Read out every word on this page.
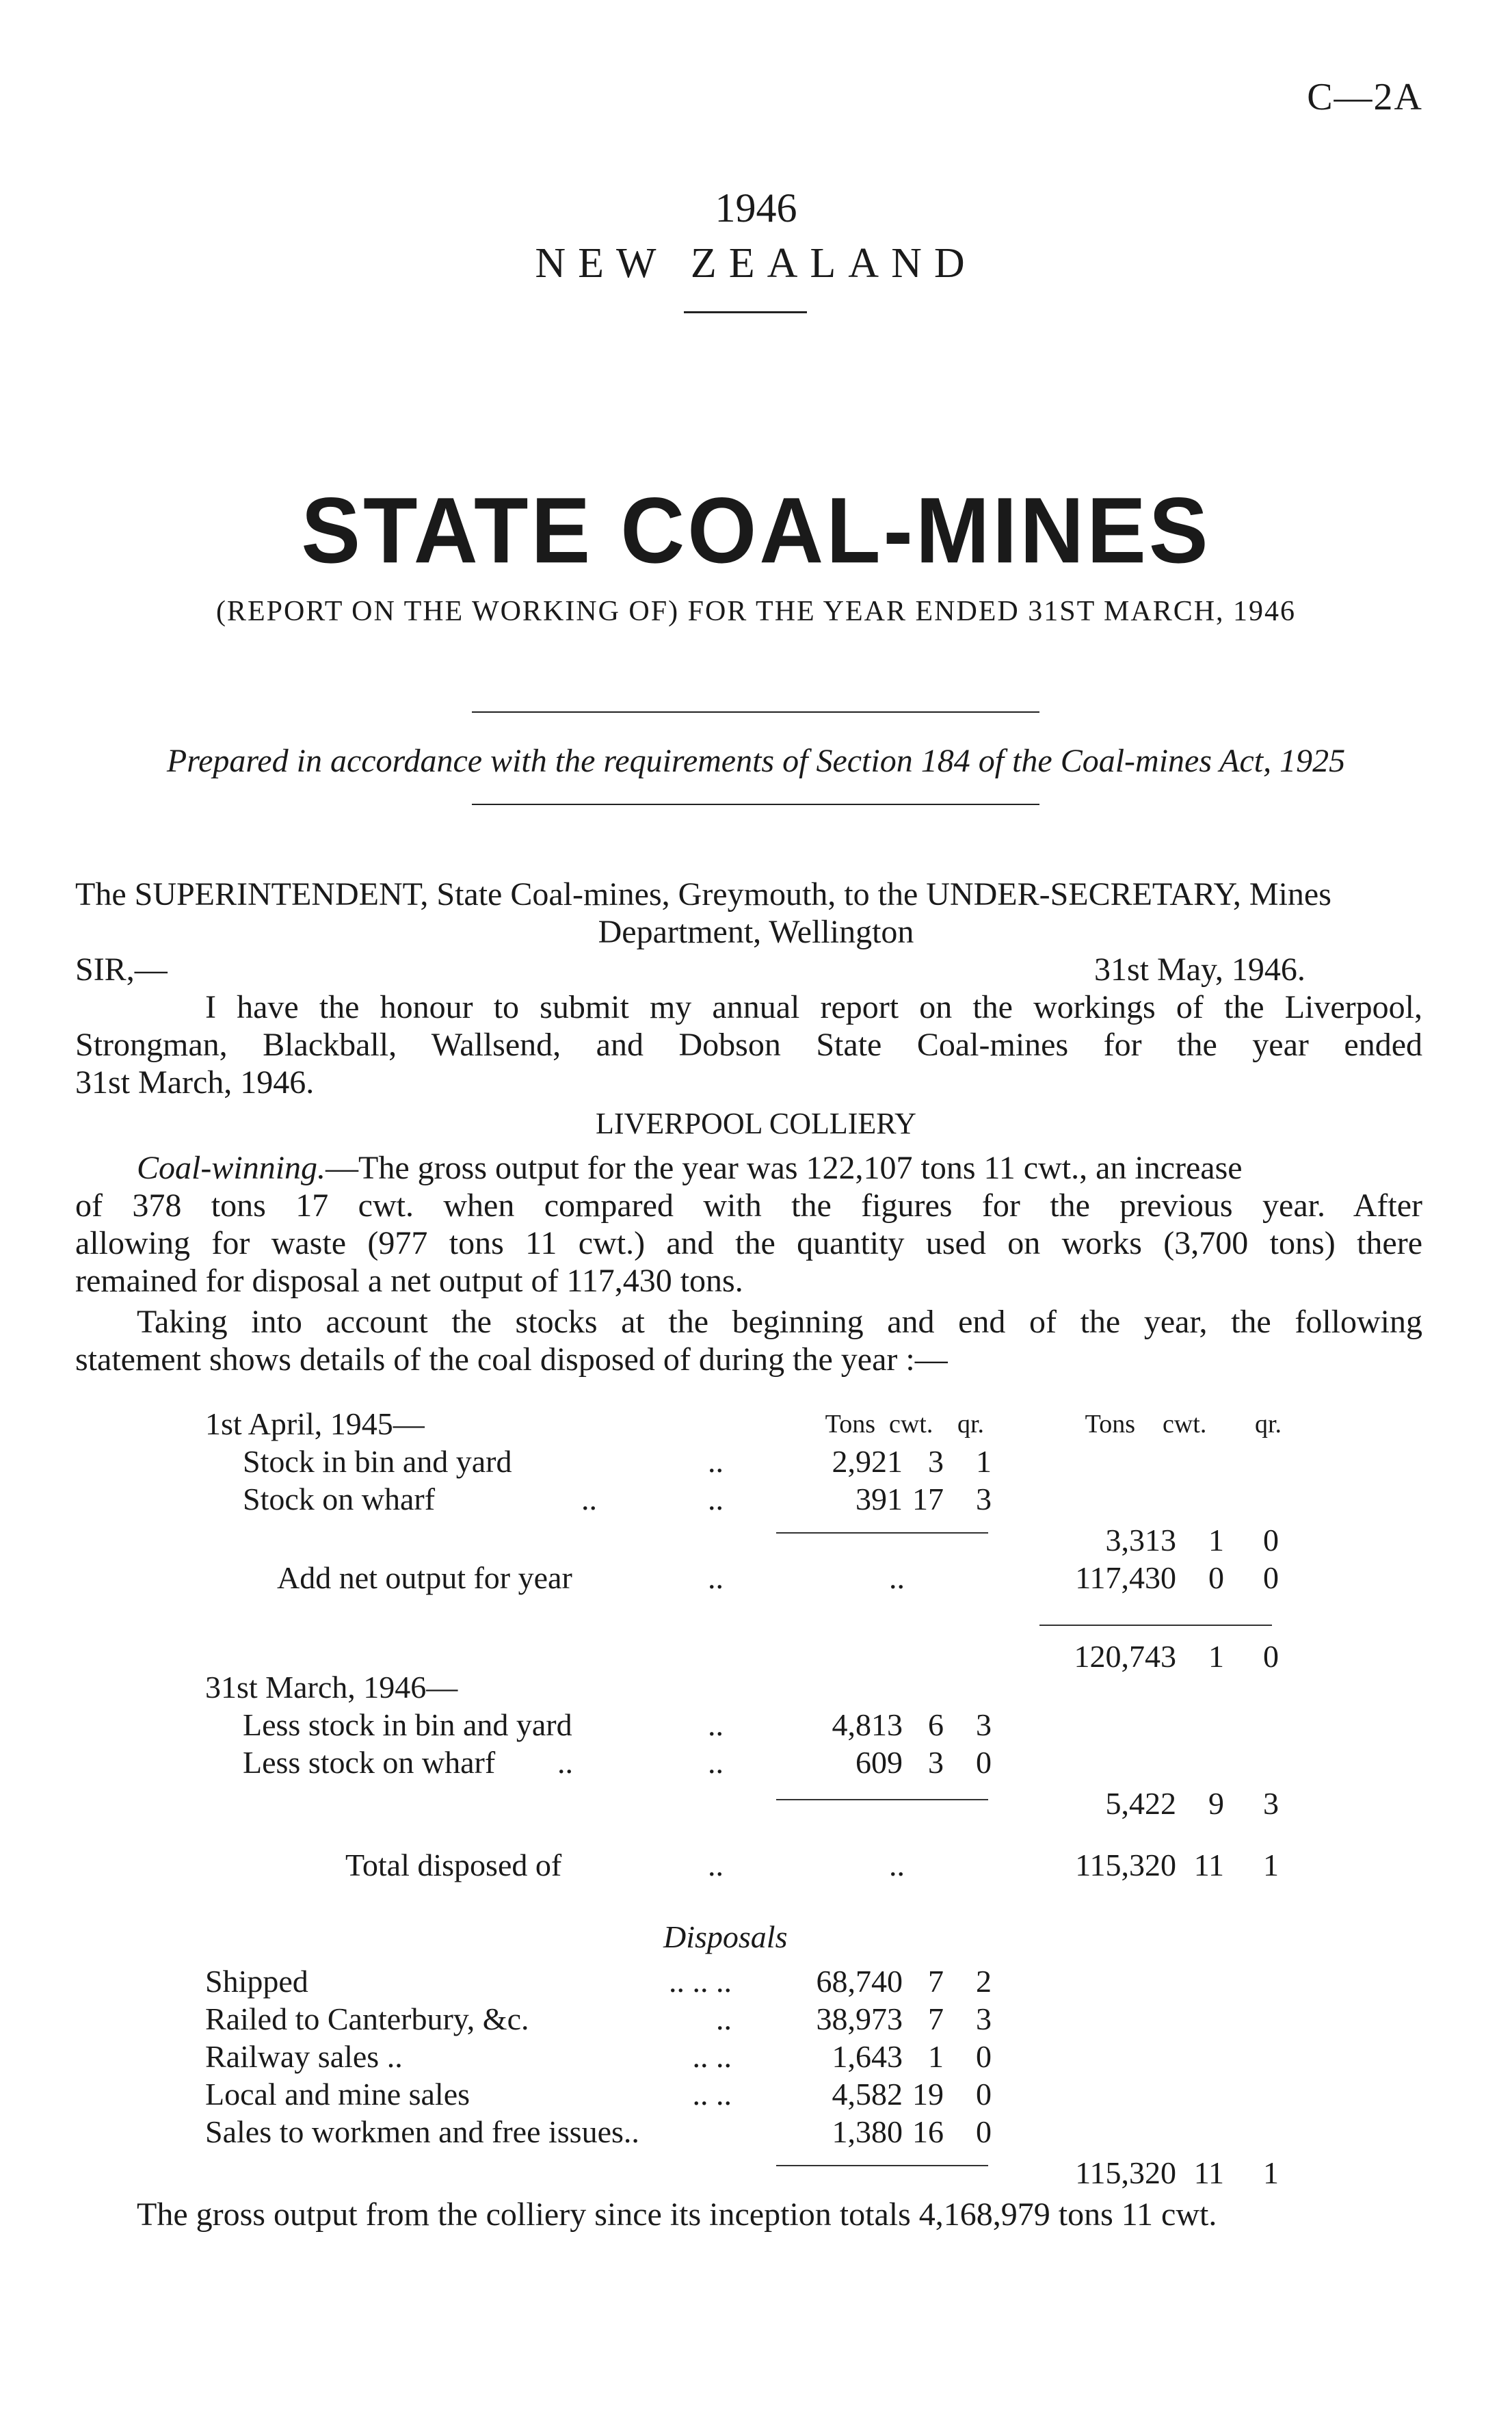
C—2A
1946
NEW ZEALAND
STATE COAL-MINES
(REPORT ON THE WORKING OF) FOR THE YEAR ENDED 31ST MARCH, 1946
Prepared in accordance with the requirements of Section 184 of the Coal-mines Act, 1925
The SUPERINTENDENT, State Coal-mines, Greymouth, to the UNDER-SECRETARY, Mines
Department, Wellington
SIR,—	31st May, 1946.
I have the honour to submit my annual report on the workings of the Liverpool,
Strongman, Blackball, Wallsend, and Dobson State Coal-mines for the year ended
31st March, 1946.
LIVERPOOL COLLIERY
Coal-winning.—The gross output for the year was 122,107 tons 11 cwt., an increase
of 378 tons 17 cwt. when compared with the figures for the previous year. After
allowing for waste (977 tons 11 cwt.) and the quantity used on works (3,700 tons) there
remained for disposal a net output of 117,430 tons.
Taking into account the stocks at the beginning and end of the year, the following
statement shows details of the coal disposed of during the year :—
Tons cwt. qr.	Tons cwt. qr.
1st April, 1945—
Stock in bin and yard	..	2,921 3	1
Stock on wharf	..	..	391 17	3
3,313	1	0
Add net output for year	..	..	117,430	0	0
120,743	1	0
31st March, 1946—
Less stock in bin and yard	..	4,813 6	3
Less stock on wharf ..	..	609 3	0
5,422	9	3
Total disposed of	..	..	115,320 11	1
Disposals
Shipped	.. .. ..	68,740 7	2
Railed to Canterbury, &c.	..	38,973 7	3
Railway sales ..	.. ..	1,643 1	0
Local and mine sales	.. ..	4,582 19	0
Sales to workmen and free issues..	1,380 16	0
115,320 11	1
The gross output from the colliery since its inception totals 4,168,979 tons 11 cwt.
